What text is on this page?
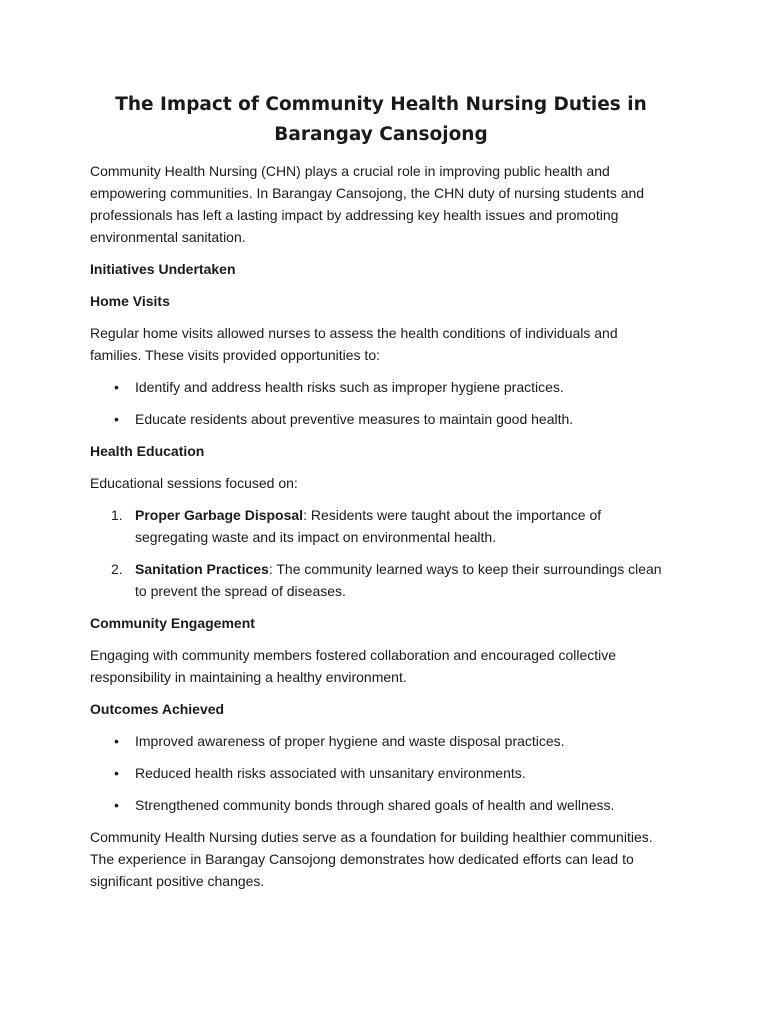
The Impact of Community Health Nursing Duties in Barangay Cansojong

Community Health Nursing (CHN) plays a crucial role in improving public health and empowering communities. In Barangay Cansojong, the CHN duty of nursing students and professionals has left a lasting impact by addressing key health issues and promoting environmental sanitation.

Initiatives Undertaken
Home Visits

Regular home visits allowed nurses to assess the health conditions of individuals and families. These visits provided opportunities to:

• Identify and address health risks such as improper hygiene practices.
• Educate residents about preventive measures to maintain good health.
Health Education

Educational sessions focused on:

1. Proper Garbage Disposal: Residents were taught about the importance of segregating waste and its impact on environmental health.
2. Sanitation Practices: The community learned ways to keep their surroundings clean to prevent the spread of diseases.
Community Engagement

Engaging with community members fostered collaboration and encouraged collective responsibility in maintaining a healthy environment.

Outcomes Achieved
• Improved awareness of proper hygiene and waste disposal practices.
• Reduced health risks associated with unsanitary environments.
• Strengthened community bonds through shared goals of health and wellness.

Community Health Nursing duties serve as a foundation for building healthier communities. The experience in Barangay Cansojong demonstrates how dedicated efforts can lead to significant positive changes.
